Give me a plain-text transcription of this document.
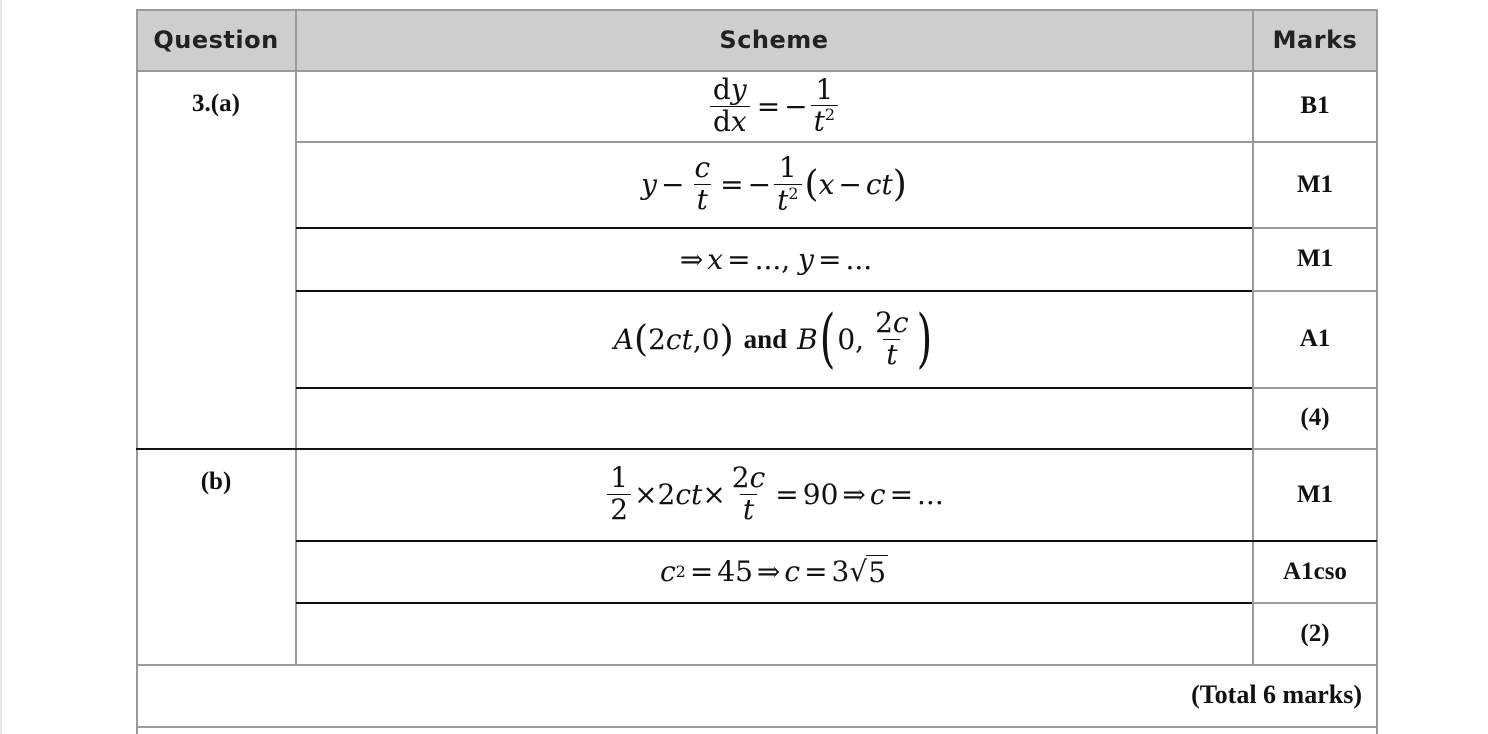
Question	Scheme	Marks
3.(a)
(b)
$\frac{dy}{dx}$ = − $\frac{1}{t^2}$
$y - \frac{c}{t}$ = − $\frac{1}{t^2}$ ( x − ct )
⇒ x = ..., y = ...
A ( 2 ct ,0 ) and B ( 0, $\frac{2c}{t}$ )
$\frac{1}{2} \times 2$ ct × $\frac{2c}{t} = 90$ ⇒ c = ...
c 2 = 45 ⇒ c = 3 √ 5
B1
M1
M1
A1
(4)
M1
A1cso
(2)
(Total 6 marks)
